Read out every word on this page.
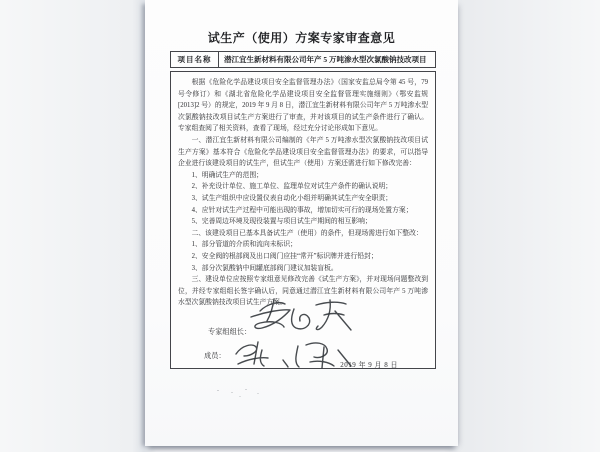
试生产（使用）方案专家审查意见
项目名称	潜江宜生新材料有限公司年产 5 万吨渗水型次氯酸钠技改项目

根据《危险化学品建设项目安全监督管理办法》（国家安监总局令第 45 号，79 号令修订）和《湖北省危险化学品建设项目安全监督管理实施细则》（鄂安监规[2013]2 号）的规定，2019 年 9 月 8 日，潜江宜生新材料有限公司年产 5 万吨渗水型次氯酸钠技改项目试生产方案进行了审查，并对该项目的试生产条件进行了确认。专家组查阅了相关资料，查看了现场，经过充分讨论形成如下意见。

一、潜江宜生新材料有限公司编制的《年产 5 万吨渗水型次氯酸钠技改项目试生产方案》基本符合《危险化学品建设项目安全监督管理办法》的要求，可以指导企业进行该建设项目的试生产，但试生产（使用）方案还需进行如下修改完善：

1、明确试生产的范围；

2、补充设计单位、施工单位、监理单位对试生产条件的确认说明；

3、试生产组织中应设置仪表自动化小组并明确其试生产安全职责；

4、应针对试生产过程中可能出现的事故，增加切实可行的现场处置方案；

5、完善周边环境及现役装置与项目试生产期间的相互影响；

二、该建设项目已基本具备试生产（使用）的条件，但现场需进行如下整改：

1、部分管道的介质和流向未标识；

2、安全阀的根部阀及出口阀门应挂“常开”标识牌并进行铅封；

3、部分次氯酸钠中间罐底部阀门建议加装盲板。

三、建设单位应按照专家组意见修改完善《试生产方案》，并对现场问题整改到位，并经专家组组长签字确认后，同意通过潜江宜生新材料有限公司年产 5 万吨渗水型次氯酸钠技改项目试生产方案。

专家组组长：
成员：
2019 年 9 月 8 日
